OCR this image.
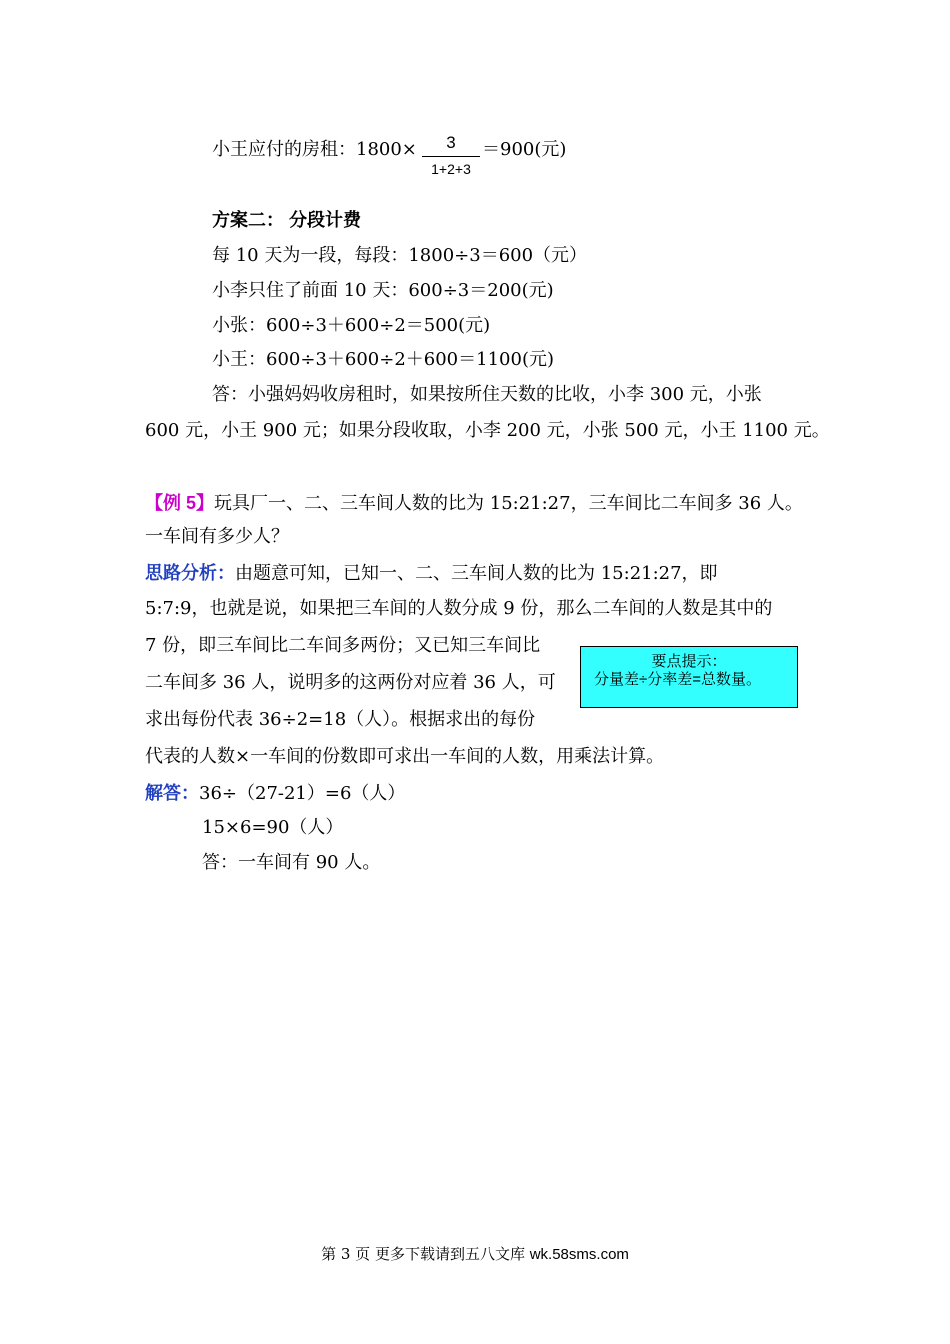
小王应付的房租：1800×	3
1+2+3
＝900(元)
方案二： 分段计费
每 10 天为一段，每段：1800÷3＝600（元）
小李只住了前面 10 天：600÷3＝200(元)
小张：600÷3＋600÷2＝500(元)
小王：600÷3＋600÷2＋600＝1100(元)
答：小强妈妈收房租时，如果按所住天数的比收，小李 300 元，小张
600 元，小王 900 元；如果分段收取，小李 200 元，小张 500 元，小王 1100 元。
【例 5】玩具厂一、二、三车间人数的比为 15:21:27，三车间比二车间多 36 人。
一车间有多少人？
思路分析：由题意可知，已知一、二、三车间人数的比为 15:21:27，即
5:7:9，也就是说，如果把三车间的人数分成 9 份，那么二车间的人数是其中的
7 份，即三车间比二车间多两份；又已知三车间比
二车间多 36 人，说明多的这两份对应着 36 人，可
求出每份代表 36÷2=18（人）。根据求出的每份
代表的人数×一车间的份数即可求出一车间的人数，用乘法计算。
要点提示：
分量差÷分率差=总数量。
解答：36÷（27-21）=6（人）
15×6=90（人）
答：一车间有 90 人。
第 3 页 更多下载请到五八文库 wk.58sms.com
